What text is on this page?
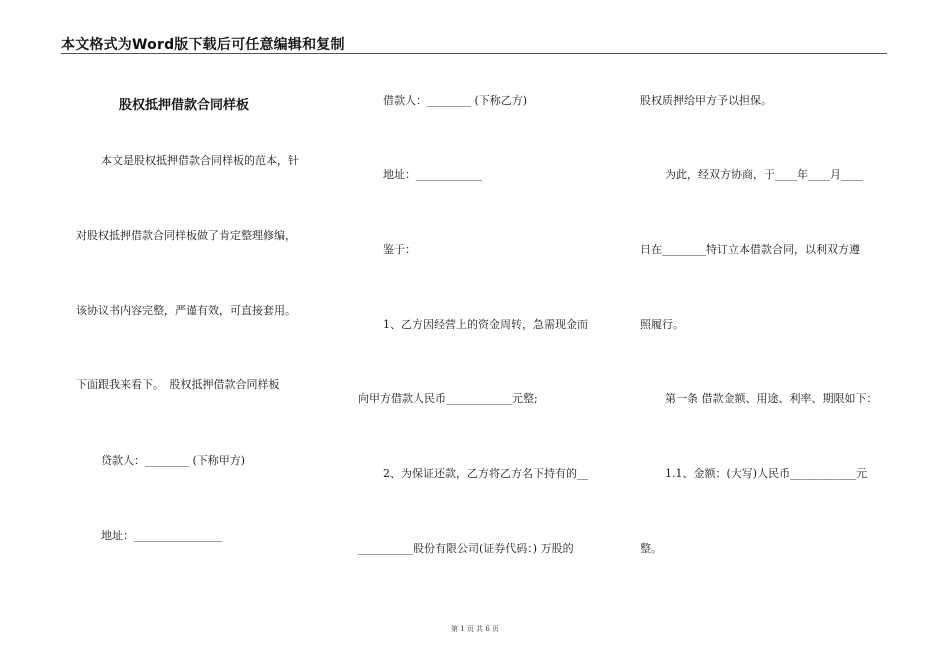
本文格式为Word版下载后可任意编辑和复制
股权抵押借款合同样板
本文是股权抵押借款合同样板的范本，针
对股权抵押借款合同样板做了肯定整理修编，
该协议书内容完整，严谨有效，可直接套用。
下面跟我来看下。　股权抵押借款合同样板
贷款人：________ (下称甲方)
地址：________________
借款人：________ (下称乙方)
地址：____________
鉴于：
1、乙方因经营上的资金周转，急需现金而
向甲方借款人民币____________元整;
2、为保证还款，乙方将乙方名下持有的__
__________股份有限公司(证券代码：) 万股的
股权质押给甲方予以担保。
为此，经双方协商，于____年____月____
日在________特订立本借款合同，以利双方遵
照履行。
第一条 借款金额、用途、利率、期限如下：
1.1、金额：(大写)人民币____________元
整。
第 1 页 共 6 页
